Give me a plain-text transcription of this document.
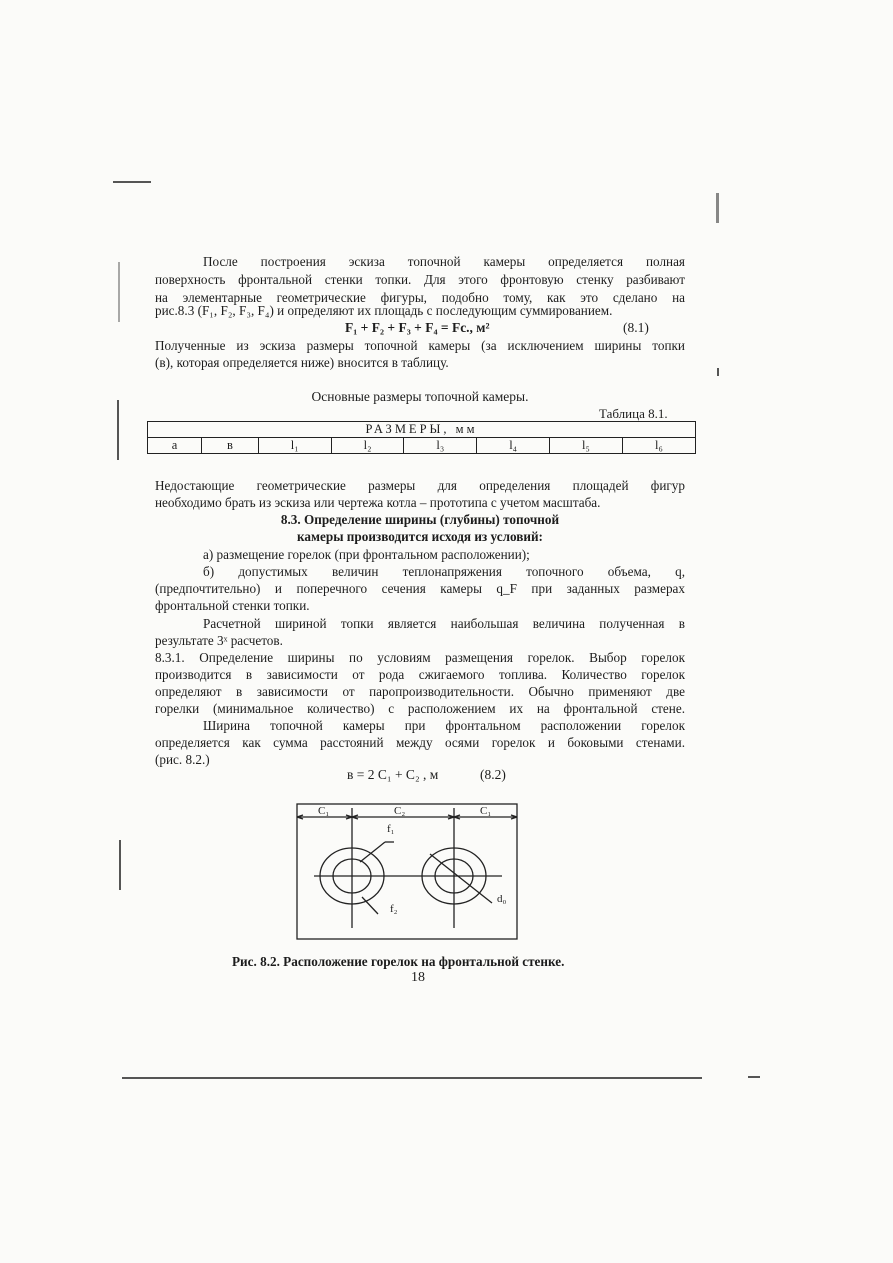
После построения эскиза топочной камеры определяется полная
поверхность фронтальной стенки топки. Для этого фронтовую стенку разбивают
на элементарные геометрические фигуры, подобно тому, как это сделано на
рис.8.3 (F₁, F₂, F₃, F₄) и определяют их площадь с последующим суммированием.
F₁ + F₂ + F₃ + F₄ = Fс., м²	(8.1)
Полученные из эскиза размеры топочной камеры (за исключением ширины топки
(в), которая определяется ниже) вносится в таблицу.
Основные размеры топочной камеры.
Таблица 8.1.
РАЗМЕРЫ, мм
а	в	l₁	l₂	l₃	l₄	l₅	l₆
Недостающие геометрические размеры для определения площадей фигур
необходимо брать из эскиза или чертежа котла – прототипа с учетом масштаба.
8.3. Определение ширины (глубины) топочной
камеры производится исходя из условий:
а) размещение горелок (при фронтальном расположении);
б) допустимых величин теплонапряжения топочного объема, q,
(предпочтительно) и поперечного сечения камеры q_F при заданных размерах
фронтальной стенки топки.
Расчетной шириной топки является наибольшая величина полученная в
результате 3ˣ расчетов.
8.3.1. Определение ширины по условиям размещения горелок. Выбор горелок
производится в зависимости от рода сжигаемого топлива. Количество горелок
определяют в зависимости от паропроизводительности. Обычно применяют две
горелки (минимальное количество) с расположением их на фронтальной стене.
Ширина топочной камеры при фронтальном расположении горелок
определяется как сумма расстояний между осями горелок и боковыми стенами.
(рис. 8.2.)
в = 2 С₁ + С₂ , м	(8.2)
C₁	C₂	C₁
f₁
f₂
d₀
Рис. 8.2. Расположение горелок на фронтальной стенке.
18
